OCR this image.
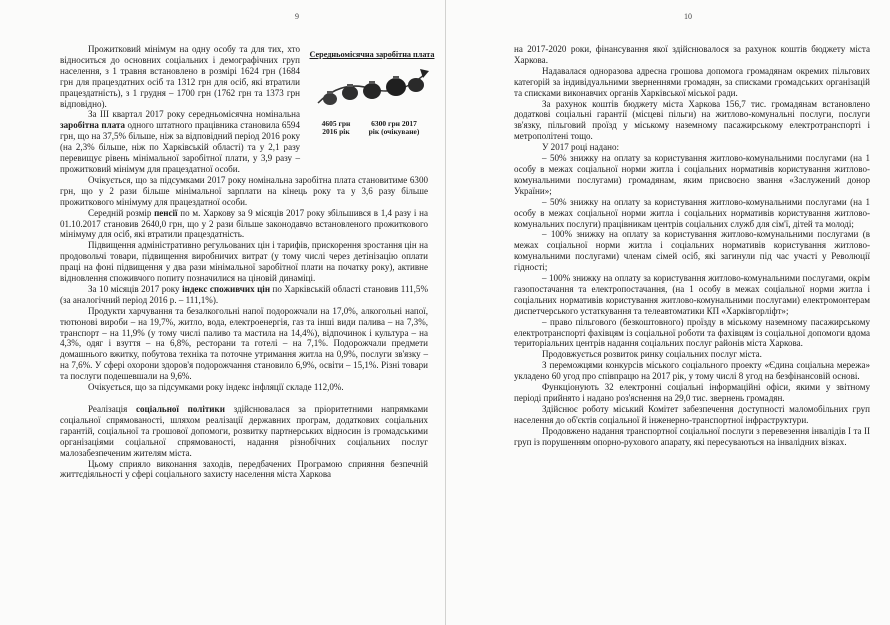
9
Середньомісячна заробітна плата
4605 грн 2016 рік
6300 грн 2017 рік (очікуване)

Прожитковий мінімум на одну особу та для тих, хто відноситься до основних соціальних і демографічних груп населення, з 1 травня встановлено в розмірі 1624 грн (1684 грн для працездатних осіб та 1312 грн для осіб, які втратили працездатність), з 1 грудня – 1700 грн (1762 грн та 1373 грн відповідно).

За ІІІ квартал 2017 року середньомісячна номінальна заробітна плата одного штатного працівника становила 6594 грн, що на 37,5% більше, ніж за відповідний період 2016 року (на 2,3% більше, ніж по Харківській області) та у 2,1 разу перевищує рівень мінімальної заробітної плати, у 3,9 разу – прожитковий мінімум для працездатної особи.

Очікується, що за підсумками 2017 року номінальна заробітна плата становитиме 6300 грн, що у 2 рази більше мінімальної зарплати на кінець року та у 3,6 разу більше прожиткового мінімуму для працездатної особи.

Середній розмір пенсії по м. Харкову за 9 місяців 2017 року збільшився в 1,4 разу і на 01.10.2017 становив 2640,0 грн, що у 2 рази більше законодавчо встановленого прожиткового мінімуму для осіб, які втратили працездатність.

Підвищення адміністративно регульованих цін і тарифів, прискорення зростання цін на продовольчі товари, підвищення виробничих витрат (у тому числі через детінізацію оплати праці на фоні підвищення у два рази мінімальної заробітної плати на початку року), активне відновлення споживчого попиту позначилися на ціновій динаміці.

За 10 місяців 2017 року індекс споживчих цін по Харківській області становив 111,5% (за аналогічний період 2016 р. – 111,1%).

Продукти харчування та безалкогольні напої подорожчали на 17,0%, алкогольні напої, тютюнові вироби – на 19,7%, житло, вода, електроенергія, газ та інші види палива – на 7,3%, транспорт – на 11,9% (у тому числі паливо та мастила на 14,4%), відпочинок і культура – на 4,3%, одяг і взуття – на 6,8%, ресторани та готелі – на 7,1%. Подорожчали предмети домашнього вжитку, побутова техніка та поточне утримання житла на 0,9%, послуги зв'язку – на 7,6%. У сфері охорони здоров'я подорожчання становило 6,9%, освіти – 15,1%. Різні товари та послуги подешевшали на 9,6%.

Очікується, що за підсумками року індекс інфляції складе 112,0%.

Реалізація соціальної політики здійснювалася за пріоритетними напрямками соціальної спрямованості, шляхом реалізації державних програм, додаткових соціальних гарантій, соціальної та грошової допомоги, розвитку партнерських відносин із громадськими організаціями соціальної спрямованості, надання різнобічних соціальних послуг малозабезпеченим жителям міста.

Цьому сприяло виконання заходів, передбачених Програмою сприяння безпечній життєдіяльності у сфері соціального захисту населення міста Харкова

10

на 2017-2020 роки, фінансування якої здійснювалося за рахунок коштів бюджету міста Харкова.

Надавалася одноразова адресна грошова допомога громадянам окремих пільгових категорій за індивідуальними зверненнями громадян, за списками громадських організацій та списками виконавчих органів Харківської міської ради.

За рахунок коштів бюджету міста Харкова 156,7 тис. громадянам встановлено додаткові соціальні гарантії (місцеві пільги) на житлово-комунальні послуги, послуги зв'язку, пільговий проїзд у міському наземному пасажирському електротранспорті і метрополітені тощо.

У 2017 році надано:

– 50% знижку на оплату за користування житлово-комунальними послугами (на 1 особу в межах соціальної норми житла і соціальних нормативів користування житлово-комунальними послугами) громадянам, яким присвоєно звання «Заслужений донор України»;

– 50% знижку на оплату за користування житлово-комунальними послугами (на 1 особу в межах соціальної норми житла і соціальних нормативів користування житлово-комунальних послуги) працівникам центрів соціальних служб для сім'ї, дітей та молоді;

– 100% знижку на оплату за користування житлово-комунальними послугами (в межах соціальної норми житла і соціальних нормативів користування житлово-комунальними послугами) членам сімей осіб, які загинули під час участі у Революції гідності;

– 100% знижку на оплату за користування житлово-комунальними послугами, окрім газопостачання та електропостачання, (на 1 особу в межах соціальної норми житла і соціальних нормативів користування житлово-комунальними послугами) електромонтерам диспетчерського устаткування та телеавтоматики КП «Харківгорліфт»;

– право пільгового (безкоштовного) проїзду в міському наземному пасажирському електротранспорті фахівцям із соціальної роботи та фахівцям із соціальної допомоги вдома територіальних центрів надання соціальних послуг районів міста Харкова.

Продовжується розвиток ринку соціальних послуг міста.

З переможцями конкурсів міського соціального проекту «Єдина соціальна мережа» укладено 60 угод про співпрацю на 2017 рік, у тому числі 8 угод на безфінансовій основі.

Функціонують 32 електронні соціальні інформаційні офіси, якими у звітному періоді прийнято і надано роз'яснення на 29,0 тис. звернень громадян.

Здійснює роботу міський Комітет забезпечення доступності маломобільних груп населення до об'єктів соціальної й інженерно-транспортної інфраструктури.

Продовжено надання транспортної соціальної послуги з перевезення інвалідів І та ІІ груп із порушенням опорно-рухового апарату, які пересуваються на інвалідних візках.
